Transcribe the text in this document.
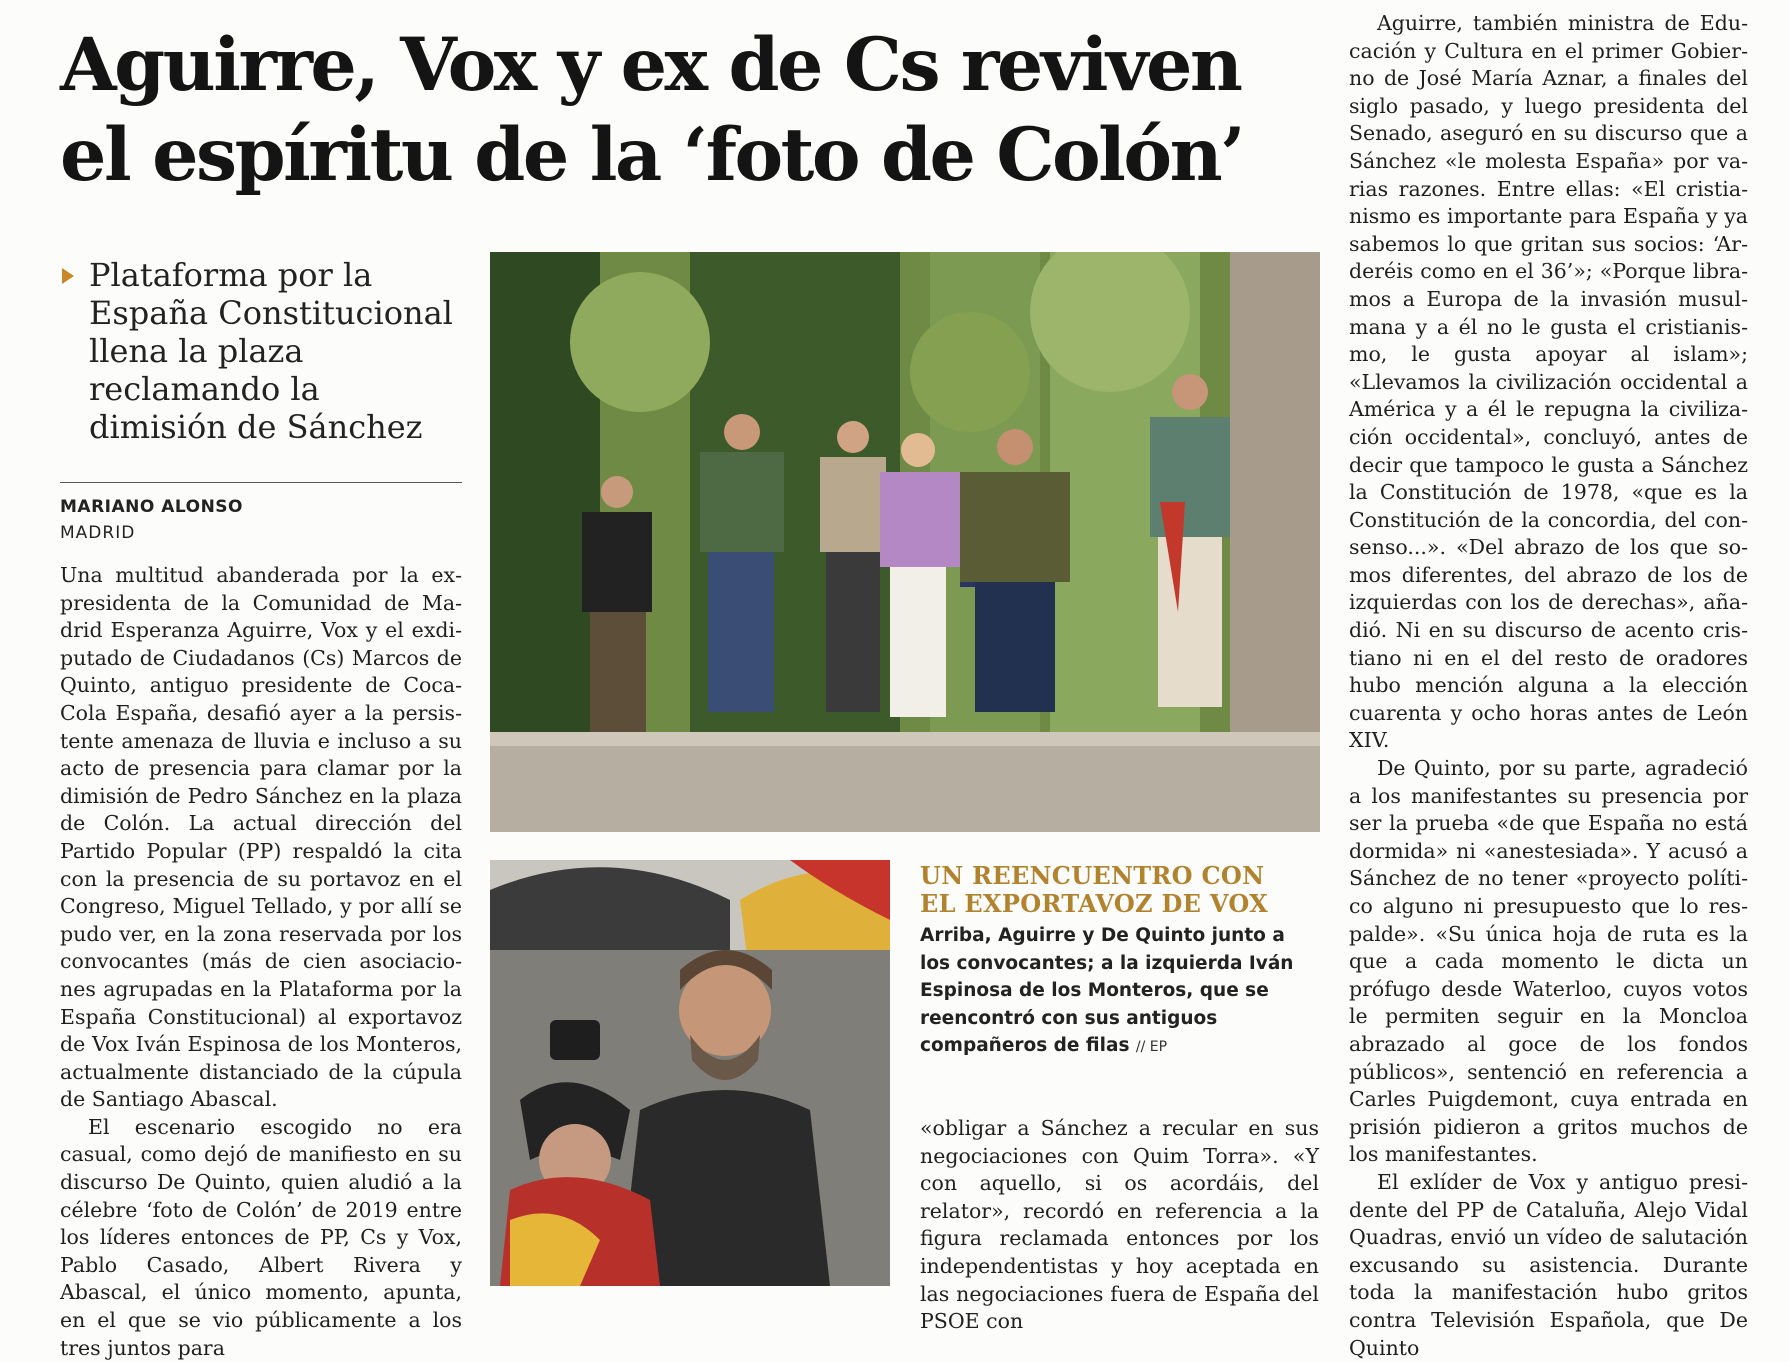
Aguirre, Vox y ex de Cs reviven
el espíritu de la ‘foto de Colón’
Plataforma por la España Constitucional llena la plaza reclamando la dimisión de Sánchez
MARIANO ALONSO
MADRID

Una multitud abanderada por la expresidenta de la Comunidad de Madrid Esperanza Aguirre, Vox y el exdiputado de Ciudadanos (Cs) Marcos de Quinto, antiguo presidente de Coca-Cola España, desafió ayer a la persistente amenaza de lluvia e incluso a su acto de presencia para clamar por la dimisión de Pedro Sánchez en la plaza de Colón. La actual dirección del Partido Popular (PP) respaldó la cita con la presencia de su portavoz en el Congreso, Miguel Tellado, y por allí se pudo ver, en la zona reservada por los convocantes (más de cien asociaciones agrupadas en la Plataforma por la España Constitucional) al exportavoz de Vox Iván Espinosa de los Monteros, actualmente distanciado de la cúpula de Santiago Abascal.

El escenario escogido no era casual, como dejó de manifiesto en su discurso De Quinto, quien aludió a la célebre ‘foto de Colón’ de 2019 entre los líderes entonces de PP, Cs y Vox, Pablo Casado, Albert Rivera y Abascal, el único momento, apunta, en el que se vio públicamente a los tres juntos para

UN REENCUENTRO CON
EL EXPORTAVOZ DE VOX
Arriba, Aguirre y De Quinto junto a los convocantes; a la izquierda Iván Espinosa de los Monteros, que se reencontró con sus antiguos compañeros de filas // EP

«obligar a Sánchez a recular en sus negociaciones con Quim Torra». «Y con aquello, si os acordáis, del relator», recordó en referencia a la figura reclamada entonces por los independentistas y hoy aceptada en las negociaciones fuera de España del PSOE con

Aguirre, también ministra de Educación y Cultura en el primer Gobierno de José María Aznar, a finales del siglo pasado, y luego presidenta del Senado, aseguró en su discurso que a Sánchez «le molesta España» por varias razones. Entre ellas: «El cristianismo es importante para España y ya sabemos lo que gritan sus socios: ‘Arderéis como en el 36’»; «Porque libramos a Europa de la invasión musulmana y a él no le gusta el cristianismo, le gusta apoyar al islam»; «Llevamos la civilización occidental a América y a él le repugna la civilización occidental», concluyó, antes de decir que tampoco le gusta a Sánchez la Constitución de 1978, «que es la Constitución de la concordia, del consenso...». «Del abrazo de los que somos diferentes, del abrazo de los de izquierdas con los de derechas», añadió. Ni en su discurso de acento cristiano ni en el del resto de oradores hubo mención alguna a la elección cuarenta y ocho horas antes de León XIV.

De Quinto, por su parte, agradeció a los manifestantes su presencia por ser la prueba «de que España no está dormida» ni «anestesiada». Y acusó a Sánchez de no tener «proyecto político alguno ni presupuesto que lo respalde». «Su única hoja de ruta es la que a cada momento le dicta un prófugo desde Waterloo, cuyos votos le permiten seguir en la Moncloa abrazado al goce de los fondos públicos», sentenció en referencia a Carles Puigdemont, cuya entrada en prisión pidieron a gritos muchos de los manifestantes.

El exlíder de Vox y antiguo presidente del PP de Cataluña, Alejo Vidal Quadras, envió un vídeo de salutación excusando su asistencia. Durante toda la manifestación hubo gritos contra Televisión Española, que De Quinto
